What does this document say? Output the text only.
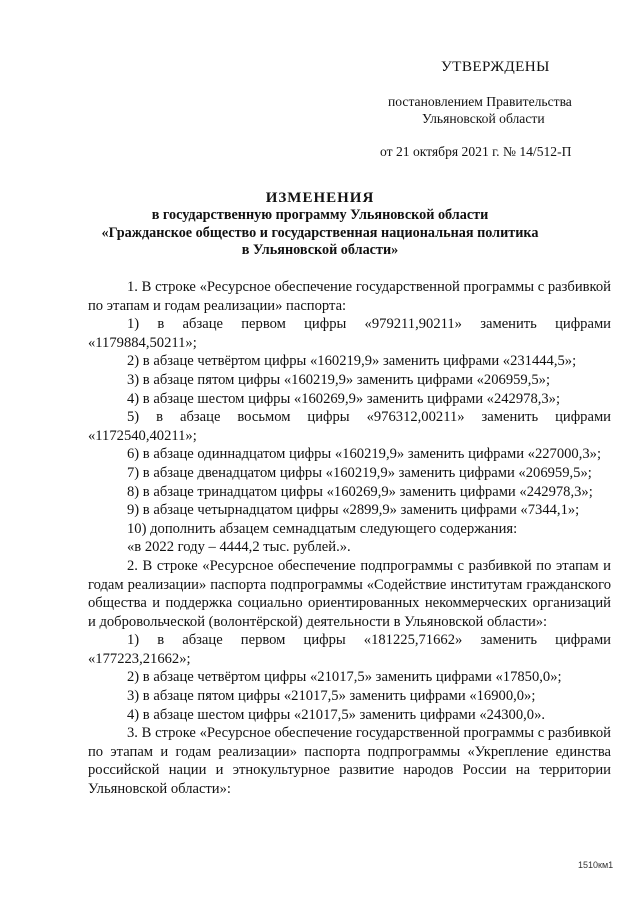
УТВЕРЖДЕНЫ
постановлением Правительства
Ульяновской области
от 21 октября 2021 г. № 14/512-П
ИЗМЕНЕНИЯ
в государственную программу Ульяновской области
«Гражданское общество и государственная национальная политика
в Ульяновской области»

1. В строке «Ресурсное обеспечение государственной программы с разбивкой по этапам и годам реализации» паспорта:

1) в абзаце первом цифры «979211,90211» заменить цифрами «1179884,50211»;

2) в абзаце четвёртом цифры «160219,9» заменить цифрами «231444,5»;

3) в абзаце пятом цифры «160219,9» заменить цифрами «206959,5»;

4) в абзаце шестом цифры «160269,9» заменить цифрами «242978,3»;

5) в абзаце восьмом цифры «976312,00211» заменить цифрами «1172540,40211»;

6) в абзаце одиннадцатом цифры «160219,9» заменить цифрами «227000,3»;

7) в абзаце двенадцатом цифры «160219,9» заменить цифрами «206959,5»;

8) в абзаце тринадцатом цифры «160269,9» заменить цифрами «242978,3»;

9) в абзаце четырнадцатом цифры «2899,9» заменить цифрами «7344,1»;

10) дополнить абзацем семнадцатым следующего содержания:

«в 2022 году – 4444,2 тыс. рублей.».

2. В строке «Ресурсное обеспечение подпрограммы с разбивкой по этапам и годам реализации» паспорта подпрограммы «Содействие институтам гражданского общества и поддержка социально ориентированных некоммерческих организаций и добровольческой (волонтёрской) деятельности в Ульяновской области»:

1) в абзаце первом цифры «181225,71662» заменить цифрами «177223,21662»;

2) в абзаце четвёртом цифры «21017,5» заменить цифрами «17850,0»;

3) в абзаце пятом цифры «21017,5» заменить цифрами «16900,0»;

4) в абзаце шестом цифры «21017,5» заменить цифрами «24300,0».

3. В строке «Ресурсное обеспечение государственной программы с разбивкой по этапам и годам реализации» паспорта подпрограммы «Укрепление единства российской нации и этнокультурное развитие народов России на территории Ульяновской области»:

1510км1
